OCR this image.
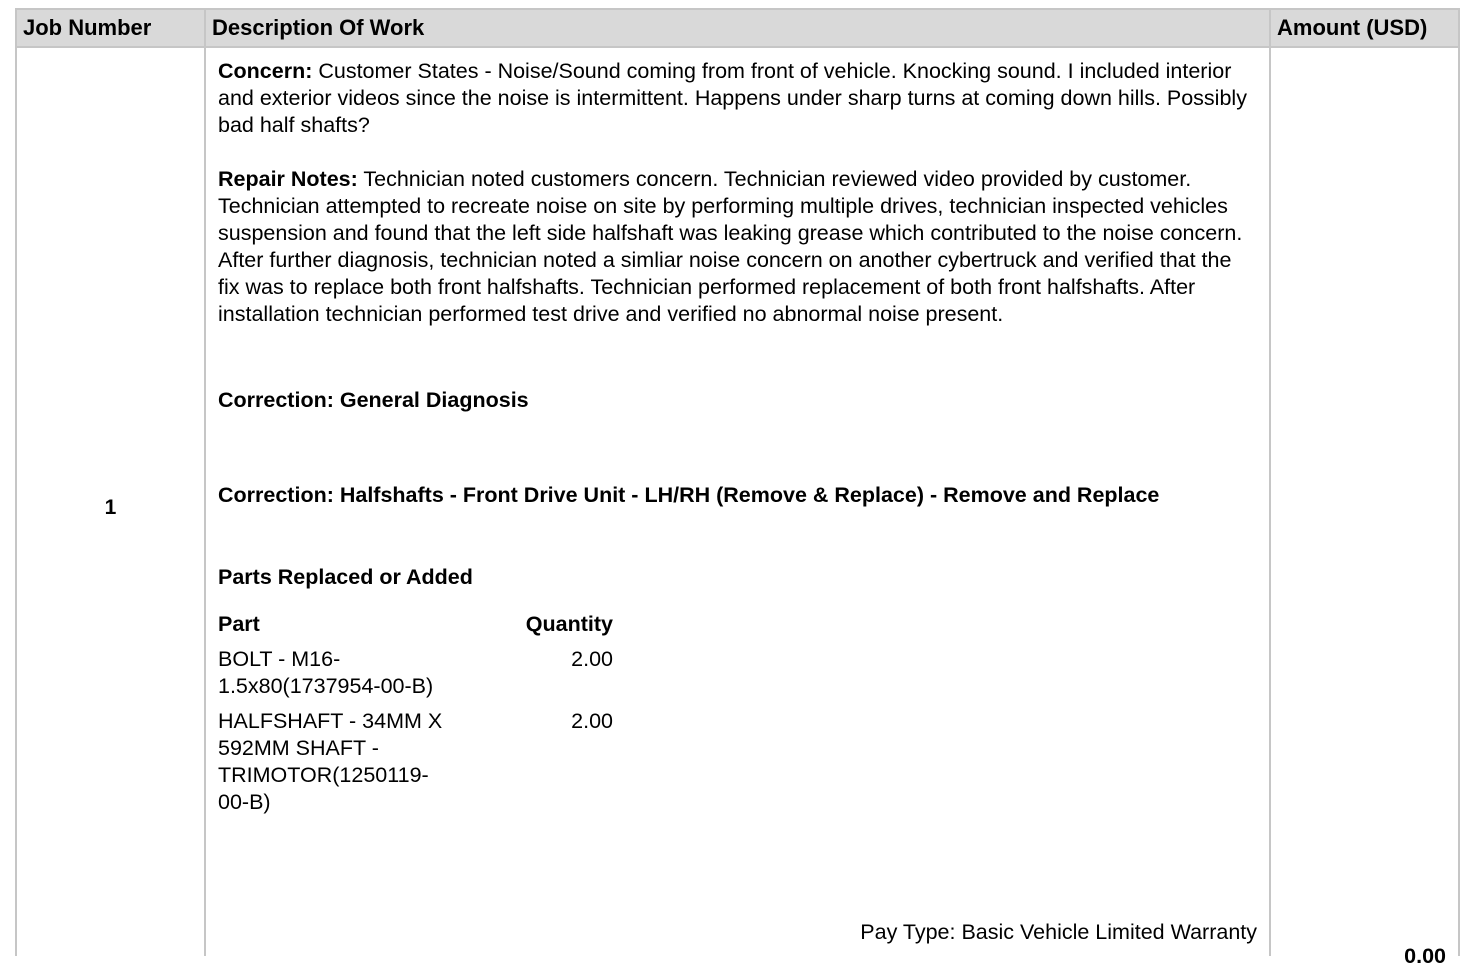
Job Number	Description Of Work	Amount (USD)
1	

Concern: Customer States - Noise/Sound coming from front of vehicle. Knocking sound. I included interior and exterior videos since the noise is intermittent. Happens under sharp turns at coming down hills. Possibly bad half shafts?

Repair Notes: Technician noted customers concern. Technician reviewed video provided by customer. Technician attempted to recreate noise on site by performing multiple drives, technician inspected vehicles suspension and found that the left side halfshaft was leaking grease which contributed to the noise concern. After further diagnosis, technician noted a simliar noise concern on another cybertruck and verified that the fix was to replace both front halfshafts. Technician performed replacement of both front halfshafts. After installation technician performed test drive and verified no abnormal noise present.

Correction: General Diagnosis

Correction: Halfshafts - Front Drive Unit - LH/RH (Remove & Replace) - Remove and Replace

Parts Replaced or Added

Part	Quantity
BOLT - M16-1.5x80(1737954-00-B)	2.00
HALFSHAFT - 34MM X 592MM SHAFT - TRIMOTOR(1250119-00-B)	2.00
Pay Type: Basic Vehicle Limited Warranty

0.00
